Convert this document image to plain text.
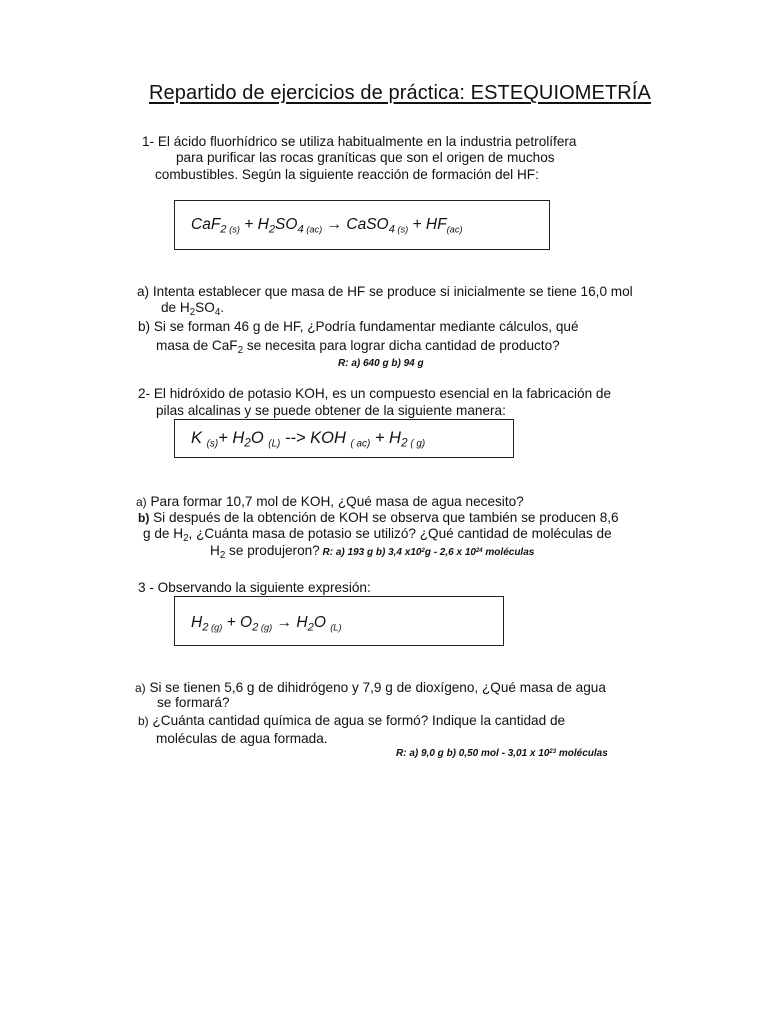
Repartido de ejercicios de práctica: ESTEQUIOMETRÍA
1- El ácido fluorhídrico se utiliza habitualmente en la industria petrolífera
para purificar las rocas graníticas que son el origen de muchos
combustibles. Según la siguiente reacción de formación del HF:
CaF$_2$ $_{(s)} + H_2SO_4$ $_{(ac)}$ → CaSO$_4$ $_{(s)} + HF_{(ac)}$
a) Intenta establecer que masa de HF se produce si inicialmente se tiene 16,0 mol
de $H_2SO_4$.
b) Si se forman 46 g de HF, ¿Podría fundamentar mediante cálculos, qué
masa de CaF$_2$ se necesita para lograr dicha cantidad de producto?
R: a) 640 g b) 94 g
2- El hidróxido de potasio KOH, es un compuesto esencial en la fabricación de
pilas alcalinas y se puede obtener de la siguiente manera:
K $_{(s)}+ H_2O$ $_{(L)}$ --> KOH $_{( ac)} + H_2$ $_{( g)}$
a) Para formar 10,7 mol de KOH, ¿Qué masa de agua necesito?
b) Si después de la obtención de KOH se observa que también se producen 8,6
g de $H_2$, ¿Cuánta masa de potasio se utilizó? ¿Qué cantidad de moléculas de
$H_2$ se produjeron? R: a) 193 g b) 3,4 $x10^2g - 2,6$ x $10^{24}$ moléculas
3 - Observando la siguiente expresión:
$H_2$ $_{(g)} + O_2$ $_{(g)} \to H_2O$ $_{(L)}$
a) Si se tienen 5,6 g de dihidrógeno y 7,9 g de dioxígeno, ¿Qué masa de agua
se formará?
b) ¿Cuánta cantidad química de agua se formó? Indique la cantidad de
moléculas de agua formada.
R: a) 9,0 g b) 0,50 mol - 3,01 x $10^{23}$ moléculas
